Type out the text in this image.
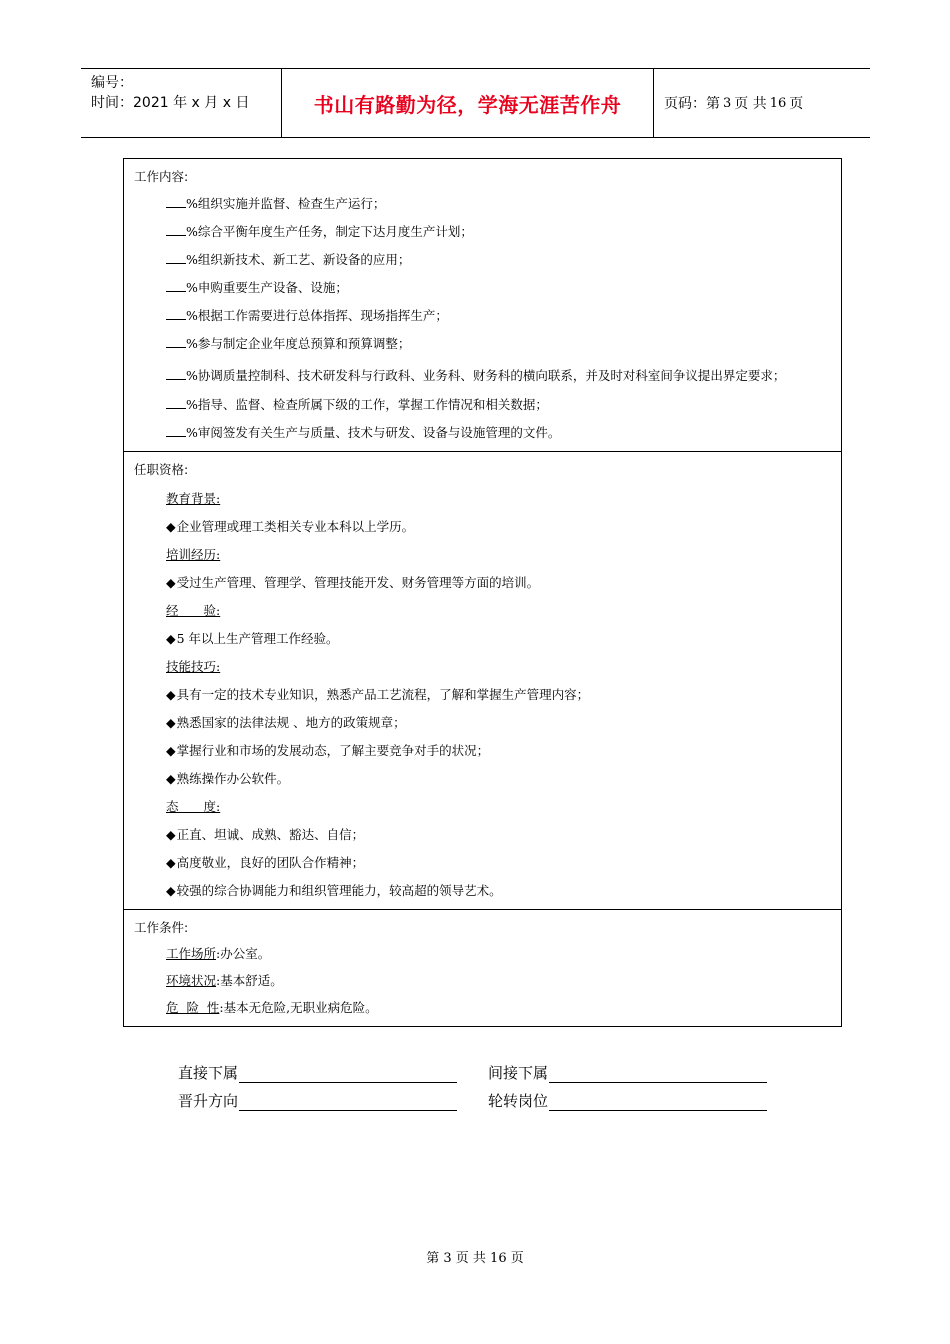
编号：
时间：2021 年 x 月 x 日	书山有路勤为径，学海无涯苦作舟	页码：第 3 页 共 16 页
工作内容:
%组织实施并监督、检查生产运行；
%综合平衡年度生产任务，制定下达月度生产计划；
%组织新技术、新工艺、新设备的应用；
%申购重要生产设备、设施；
%根据工作需要进行总体指挥、现场指挥生产；
%参与制定企业年度总预算和预算调整；
%协调质量控制科、技术研发科与行政科、业务科、财务科的横向联系，并及时对科室间争议提出界定要求；
%指导、监督、检查所属下级的工作，掌握工作情况和相关数据；
%审阅签发有关生产与质量、技术与研发、设备与设施管理的文件。
任职资格:
教育背景:
◆企业管理或理工类相关专业本科以上学历。
培训经历:
◆受过生产管理、管理学、管理技能开发、财务管理等方面的培训。
经　　验:
◆5 年以上生产管理工作经验。
技能技巧:
◆具有一定的技术专业知识，熟悉产品工艺流程，了解和掌握生产管理内容；
◆熟悉国家的法律法规 、地方的政策规章；
◆掌握行业和市场的发展动态，了解主要竞争对手的状况；
◆熟练操作办公软件。
态　　度:
◆正直、坦诚、成熟、豁达、自信；
◆高度敬业，良好的团队合作精神；
◆较强的综合协调能力和组织管理能力，较高超的领导艺术。
工作条件:
工作场所:办公室。
环境状况:基本舒适。
危  险  性:基本无危险,无职业病危险。
直接下属	间接下属
晋升方向	轮转岗位
第 3 页 共 16 页
